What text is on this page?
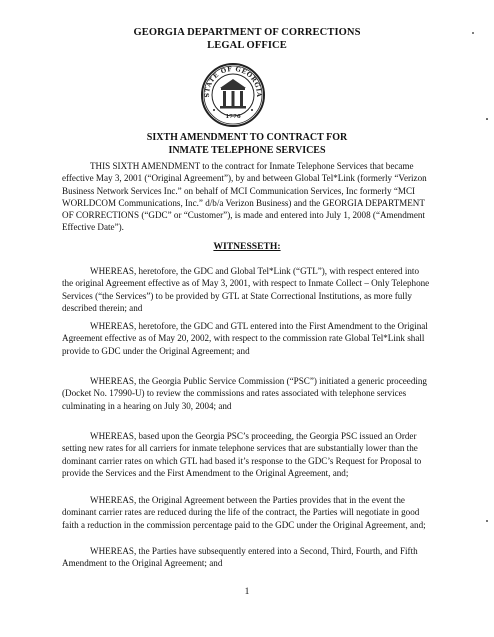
GEORGIA DEPARTMENT OF CORRECTIONS
LEGAL OFFICE
STATE OF GEORGIA
1776
SIXTH AMENDMENT TO CONTRACT FOR
INMATE TELEPHONE SERVICES

THIS SIXTH AMENDMENT to the contract for Inmate Telephone Services that became effective May 3, 2001 (“Original Agreement”), by and between Global Tel*Link (formerly “Verizon Business Network Services Inc.” on behalf of MCI Communication Services, Inc formerly “MCI WORLDCOM Communications, Inc.” d/b/a Verizon Business) and the GEORGIA DEPARTMENT OF CORRECTIONS (“GDC” or “Customer”), is made and entered into July 1, 2008 (“Amendment Effective Date”).

WITNESSETH:

WHEREAS, heretofore, the GDC and Global Tel*Link (“GTL”), with respect entered into the original Agreement effective as of May 3, 2001, with respect to Inmate Collect – Only Telephone Services (“the Services”) to be provided by GTL at State Correctional Institutions, as more fully described therein; and

WHEREAS, heretofore, the GDC and GTL entered into the First Amendment to the Original Agreement effective as of May 20, 2002, with respect to the commission rate Global Tel*Link shall provide to GDC under the Original Agreement; and

WHEREAS, the Georgia Public Service Commission (“PSC”) initiated a generic proceeding (Docket No. 17990-U) to review the commissions and rates associated with telephone services culminating in a hearing on July 30, 2004; and

WHEREAS, based upon the Georgia PSC’s proceeding, the Georgia PSC issued an Order setting new rates for all carriers for inmate telephone services that are substantially lower than the dominant carrier rates on which GTL had based it’s response to the GDC’s Request for Proposal to provide the Services and the First Amendment to the Original Agreement, and;

WHEREAS, the Original Agreement between the Parties provides that in the event the dominant carrier rates are reduced during the life of the contract, the Parties will negotiate in good faith a reduction in the commission percentage paid to the GDC under the Original Agreement, and;

WHEREAS, the Parties have subsequently entered into a Second, Third, Fourth, and Fifth Amendment to the Original Agreement; and

1
